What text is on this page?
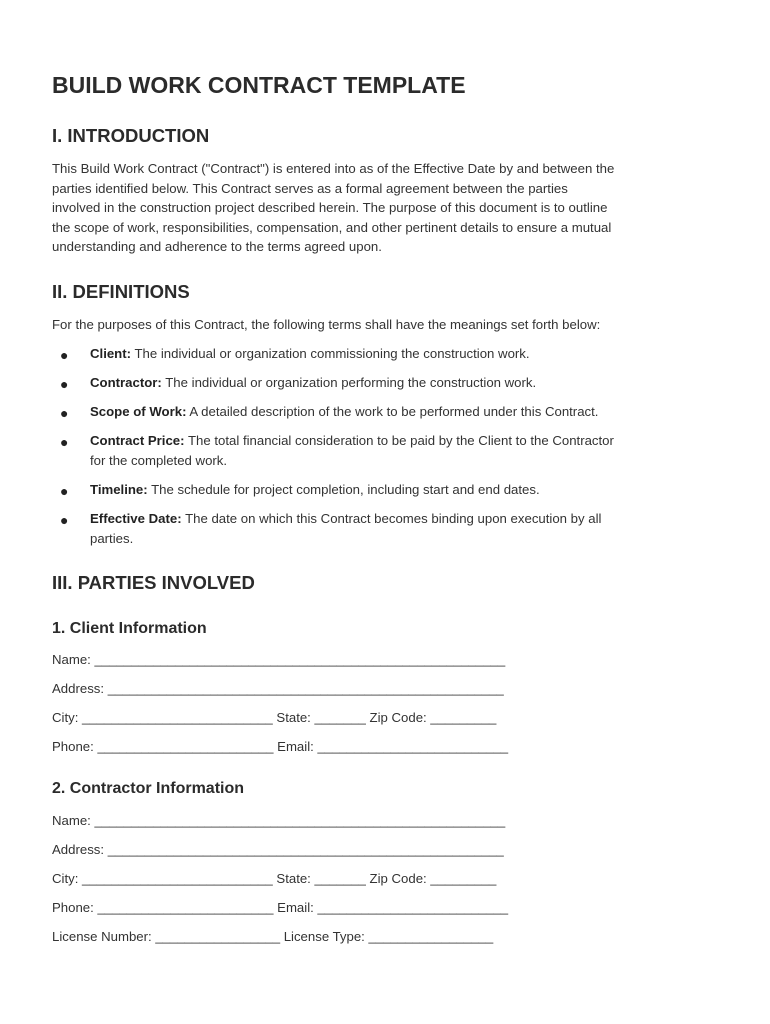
BUILD WORK CONTRACT TEMPLATE
I. INTRODUCTION

This Build Work Contract ("Contract") is entered into as of the Effective Date by and between the
parties identified below. This Contract serves as a formal agreement between the parties
involved in the construction project described herein. The purpose of this document is to outline
the scope of work, responsibilities, compensation, and other pertinent details to ensure a mutual
understanding and adherence to the terms agreed upon.

II. DEFINITIONS

For the purposes of this Contract, the following terms shall have the meanings set forth below:

● Client: The individual or organization commissioning the construction work.
● Contractor: The individual or organization performing the construction work.
● Scope of Work: A detailed description of the work to be performed under this Contract.
● Contract Price: The total financial consideration to be paid by the Client to the Contractor
for the completed work.
● Timeline: The schedule for project completion, including start and end dates.
● Effective Date: The date on which this Contract becomes binding upon execution by all
parties.
III. PARTIES INVOLVED
1. Client Information
Name: ________________________________________________________
Address: ______________________________________________________
City: __________________________ State: _______ Zip Code: _________
Phone: ________________________ Email: __________________________
2. Contractor Information
Name: ________________________________________________________
Address: ______________________________________________________
City: __________________________ State: _______ Zip Code: _________
Phone: ________________________ Email: __________________________
License Number: _________________ License Type: _________________
